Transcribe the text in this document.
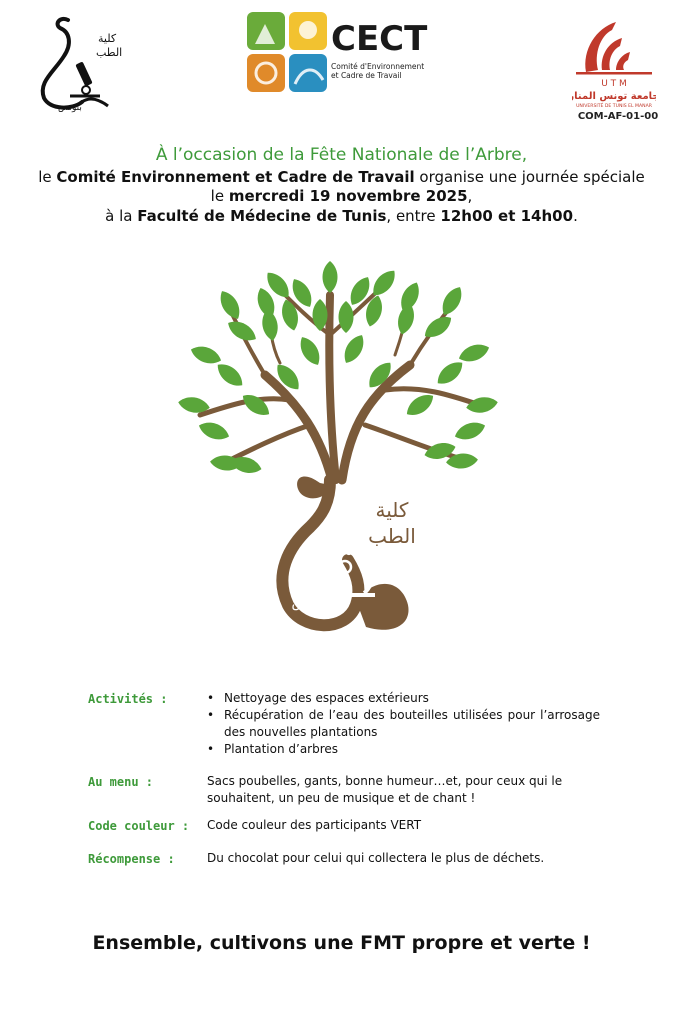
كلية
الطب
بتونس
CECT
Comité d'Environnement
et Cadre de Travail
U T M
جامعة تونس المنار
UNIVERSITÉ DE TUNIS EL MANAR
COM-AF-01-00
À l’occasion de la Fête Nationale de l’Arbre,
le Comité Environnement et Cadre de Travail organise une journée spéciale
le mercredi 19 novembre 2025,
à la Faculté de Médecine de Tunis, entre 12h00 et 14h00.
كلية
الطب
بتونس
Activités :
•	Nettoyage des espaces extérieurs
• Récupération de l’eau des bouteilles utilisées pour l’arrosage des nouvelles plantations
• Plantation d’arbres
Au menu :	Sacs poubelles, gants, bonne humeur…et, pour ceux qui le souhaitent, un peu de musique et de chant !
Code couleur :	Code couleur des participants VERT
Récompense :	Du chocolat pour celui qui collectera le plus de déchets.
Ensemble, cultivons une FMT propre et verte !
